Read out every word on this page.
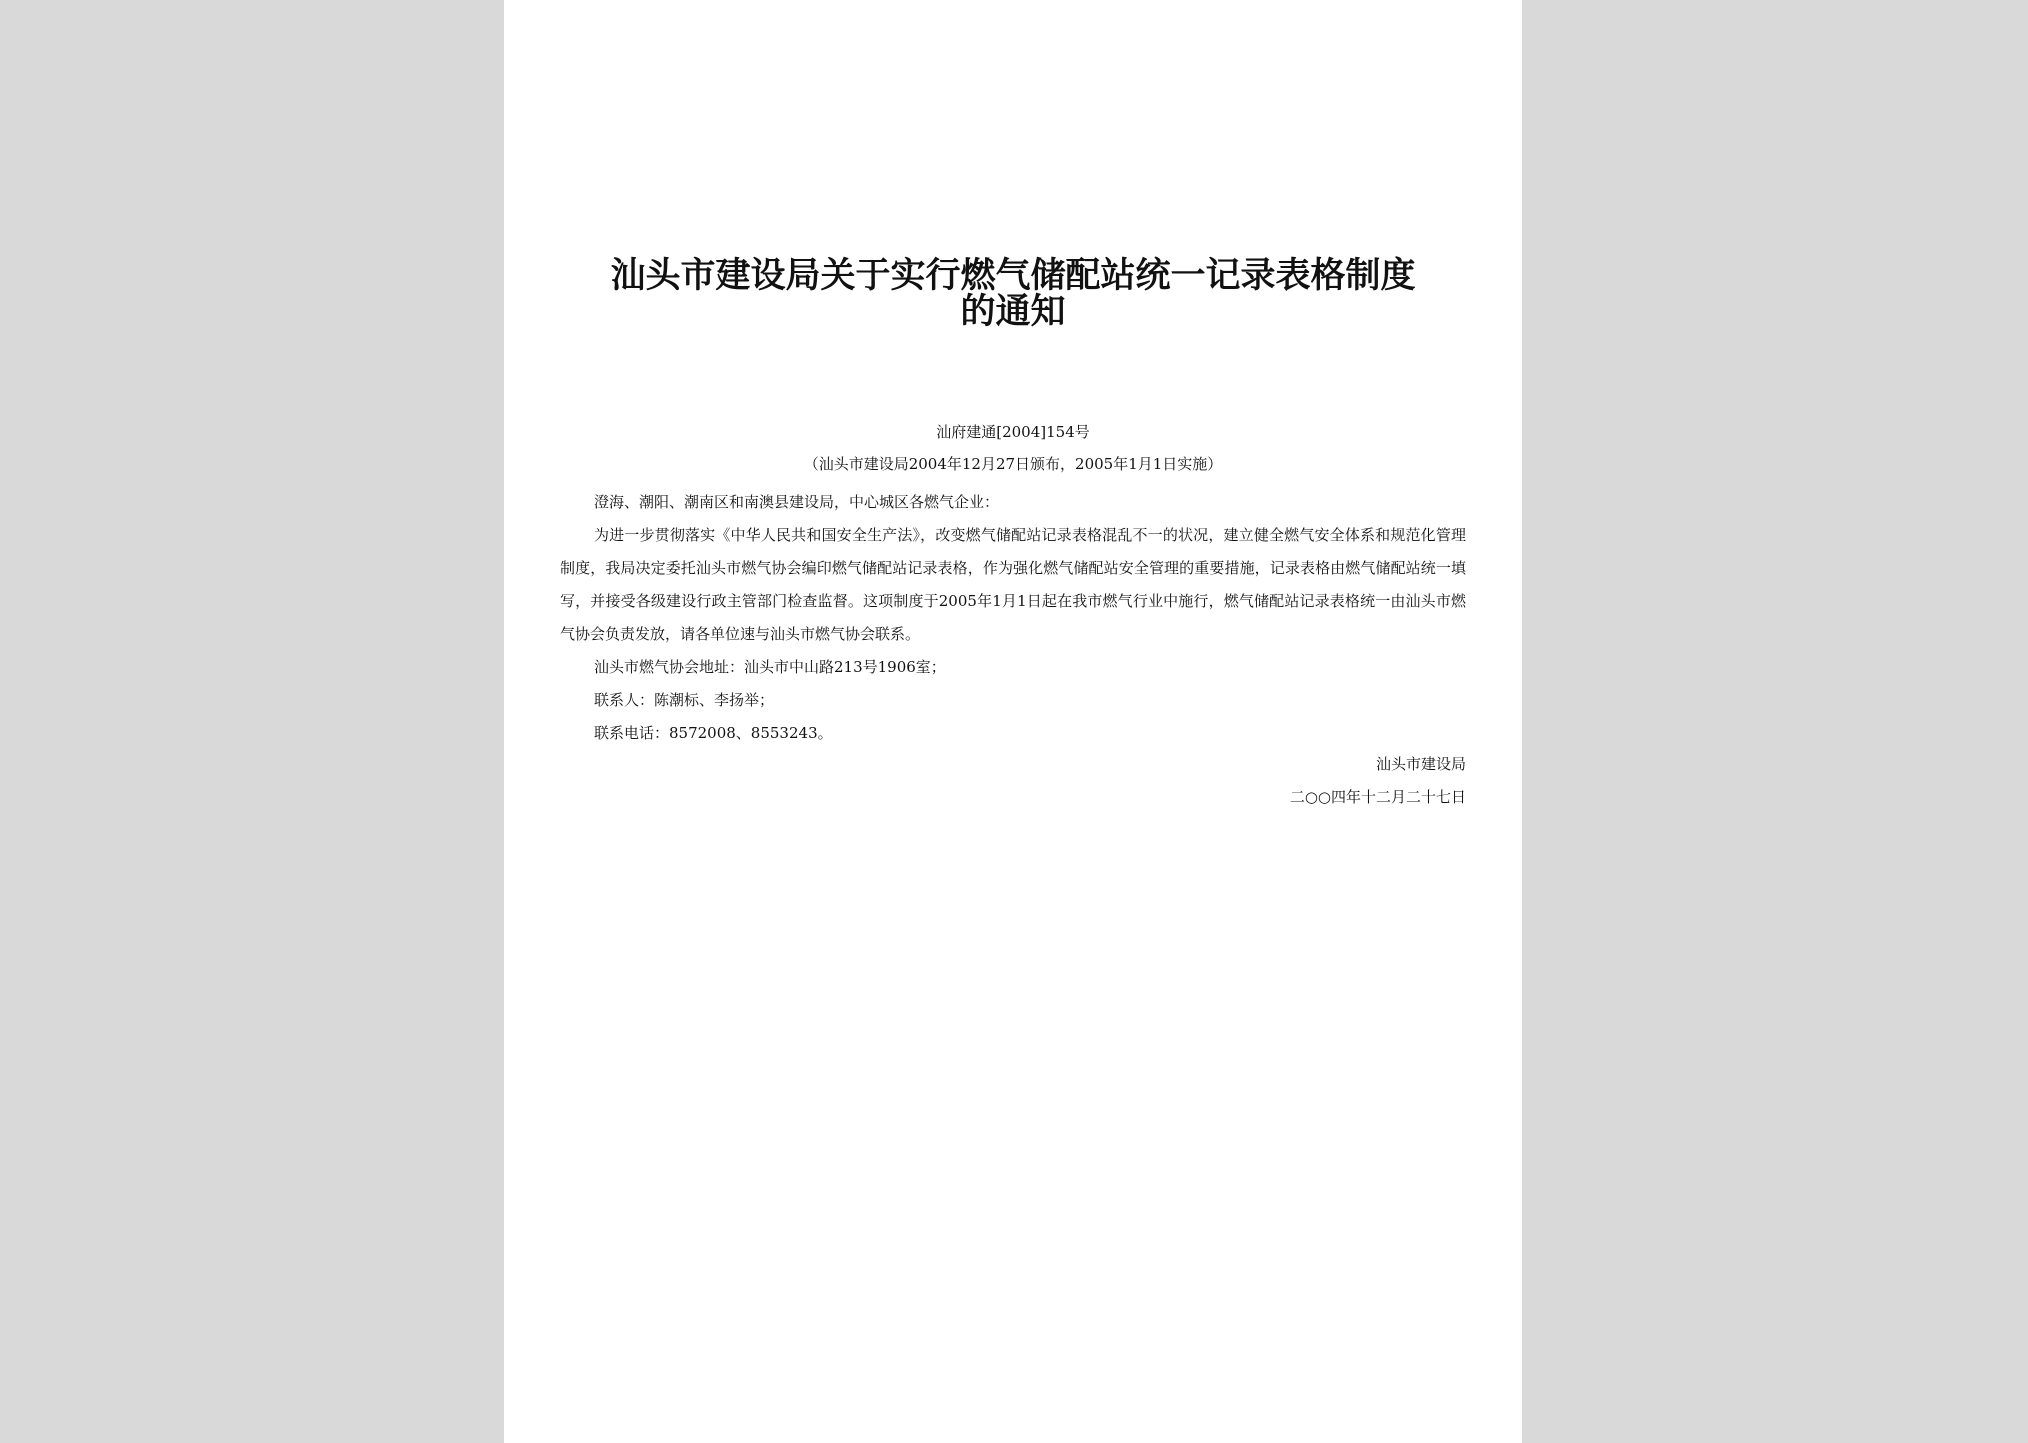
汕头市建设局关于实行燃气储配站统一记录表格制度
的通知
汕府建通[2004]154号
（汕头市建设局2004年12月27日颁布，2005年1月1日实施）

澄海、潮阳、潮南区和南澳县建设局，中心城区各燃气企业：

为进一步贯彻落实《中华人民共和国安全生产法》，改变燃气储配站记录表格混乱不一的状况，建立健全燃气安全体系和规范化管理制度，我局决定委托汕头市燃气协会编印燃气储配站记录表格，作为强化燃气储配站安全管理的重要措施，记录表格由燃气储配站统一填写，并接受各级建设行政主管部门检查监督。这项制度于2005年1月1日起在我市燃气行业中施行，燃气储配站记录表格统一由汕头市燃气协会负责发放，请各单位速与汕头市燃气协会联系。

汕头市燃气协会地址：汕头市中山路213号1906室；

联系人：陈潮标、李扬举；

联系电话：8572008、8553243。

汕头市建设局
二○○四年十二月二十七日
